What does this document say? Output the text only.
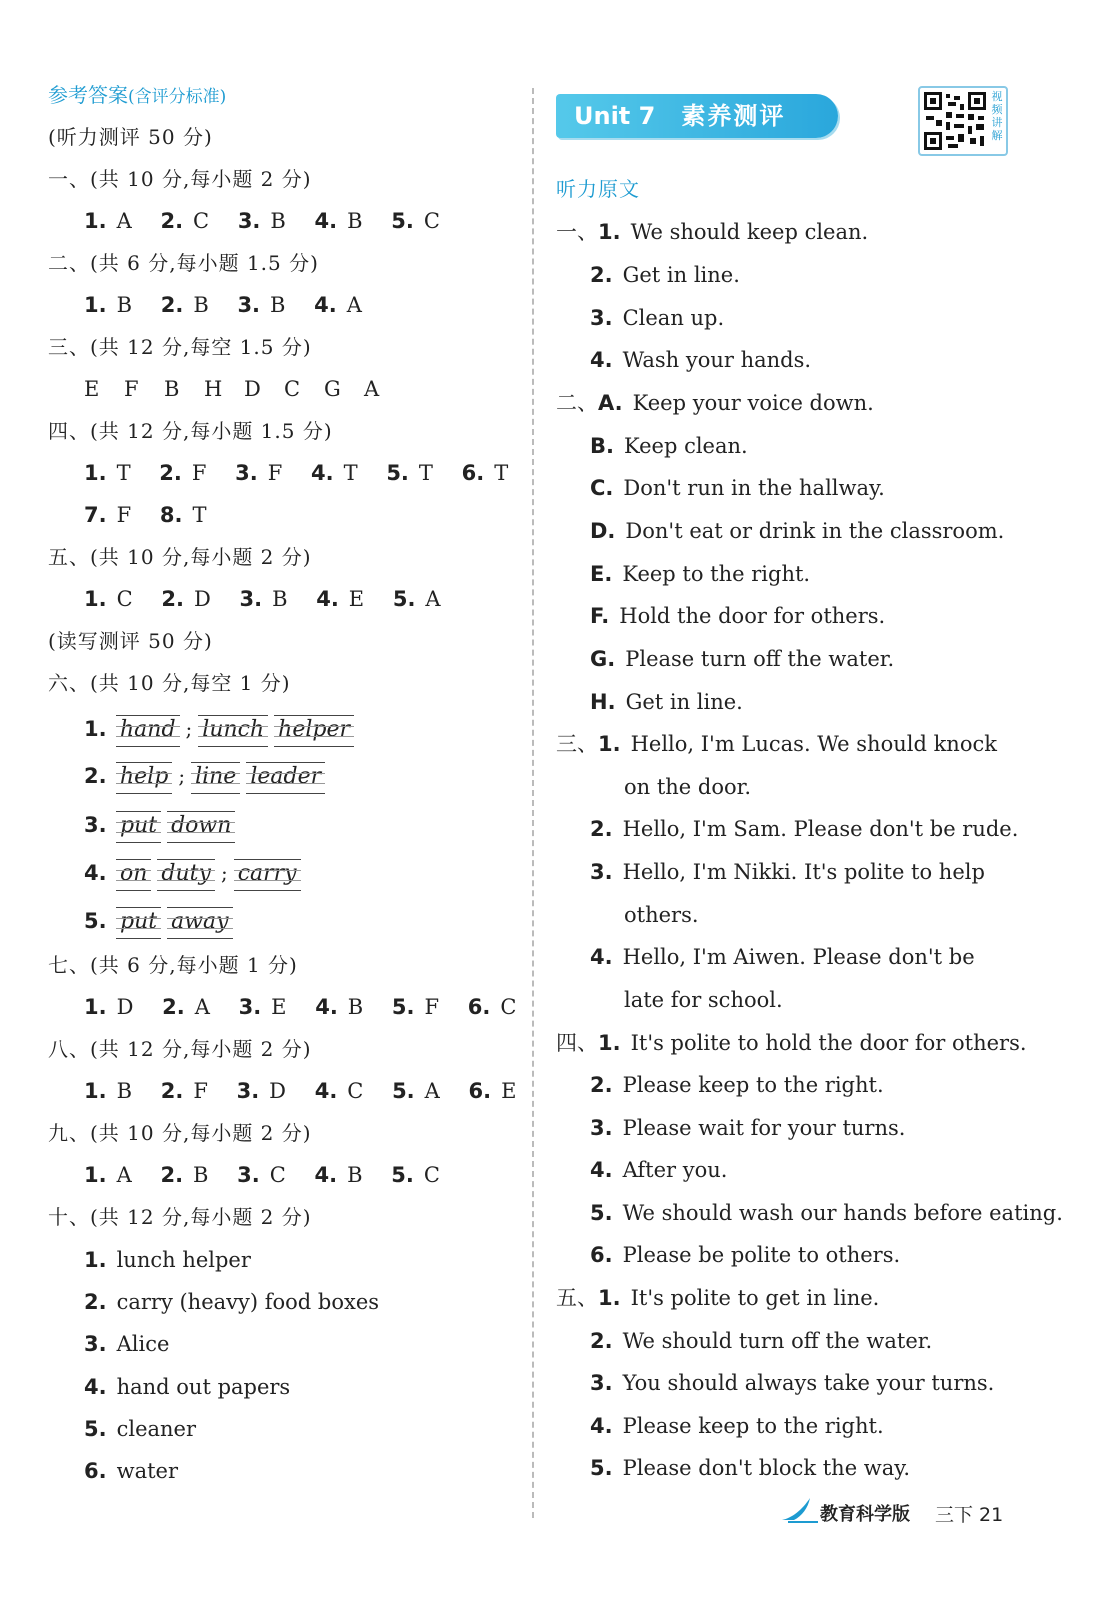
参考答案(含评分标准)
(听力测评 50 分)
一、(共 10 分,每小题 2 分)
1. A 2. C 3. B 4. B 5. C
二、(共 6 分,每小题 1.5 分)
1. B 2. B 3. B 4. A
三、(共 12 分,每空 1.5 分)
E F B H D C G A
四、(共 12 分,每小题 1.5 分)
1. T 2. F 3. F 4. T 5. T 6. T
7. F 8. T
五、(共 10 分,每小题 2 分)
1. C 2. D 3. B 4. E 5. A
(读写测评 50 分)
六、(共 10 分,每空 1 分)
1. hand ; lunch helper
2. help ; line leader
3. put down
4. on duty ; carry
5. put away
七、(共 6 分,每小题 1 分)
1. D 2. A 3. E 4. B 5. F 6. C
八、(共 12 分,每小题 2 分)
1. B 2. F 3. D 4. C 5. A 6. E
九、(共 10 分,每小题 2 分)
1. A 2. B 3. C 4. B 5. C
十、(共 12 分,每小题 2 分)
1. lunch helper
2. carry (heavy) food boxes
3. Alice
4. hand out papers
5. cleaner
6. water
Unit 7 素养测评
视频讲解
听力原文
一、1. We should keep clean.
2. Get in line.
3. Clean up.
4. Wash your hands.
二、A. Keep your voice down.
B. Keep clean.
C. Don't run in the hallway.
D. Don't eat or drink in the classroom.
E. Keep to the right.
F. Hold the door for others.
G. Please turn off the water.
H. Get in line.
三、1. Hello, I'm Lucas. We should knock
on the door.
2. Hello, I'm Sam. Please don't be rude.
3. Hello, I'm Nikki. It's polite to help
others.
4. Hello, I'm Aiwen. Please don't be
late for school.
四、1. It's polite to hold the door for others.
2. Please keep to the right.
3. Please wait for your turns.
4. After you.
5. We should wash our hands before eating.
6. Please be polite to others.
五、1. It's polite to get in line.
2. We should turn off the water.
3. You should always take your turns.
4. Please keep to the right.
5. Please don't block the way.
教育科学版 三下 21
